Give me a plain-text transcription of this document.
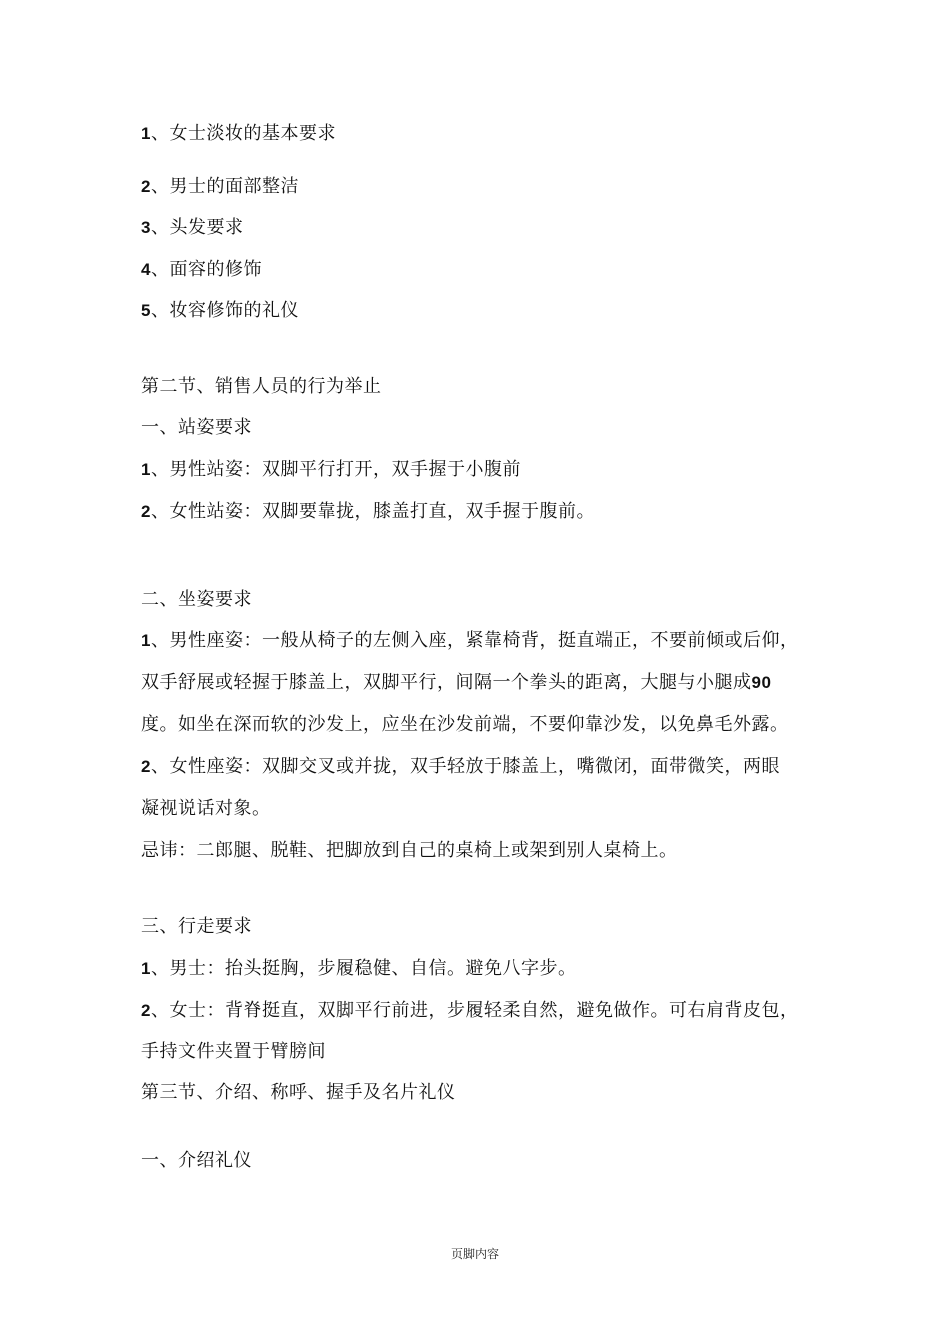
1、女士淡妆的基本要求
2、男士的面部整洁
3、头发要求
4、面容的修饰
5、妆容修饰的礼仪
第二节、销售人员的行为举止
一、站姿要求
1、男性站姿：双脚平行打开，双手握于小腹前
2、女性站姿：双脚要靠拢，膝盖打直，双手握于腹前。
二、坐姿要求
1、男性座姿：一般从椅子的左侧入座，紧靠椅背，挺直端正，不要前倾或后仰，
双手舒展或轻握于膝盖上，双脚平行，间隔一个拳头的距离，大腿与小腿成90
度。如坐在深而软的沙发上，应坐在沙发前端，不要仰靠沙发，以免鼻毛外露。
2、女性座姿：双脚交叉或并拢，双手轻放于膝盖上，嘴微闭，面带微笑，两眼
凝视说话对象。
忌讳：二郎腿、脱鞋、把脚放到自己的桌椅上或架到别人桌椅上。
三、行走要求
1、男士：抬头挺胸，步履稳健、自信。避免八字步。
2、女士：背脊挺直，双脚平行前进，步履轻柔自然，避免做作。可右肩背皮包，
手持文件夹置于臂膀间
第三节、介绍、称呼、握手及名片礼仪
一、介绍礼仪
页脚内容
